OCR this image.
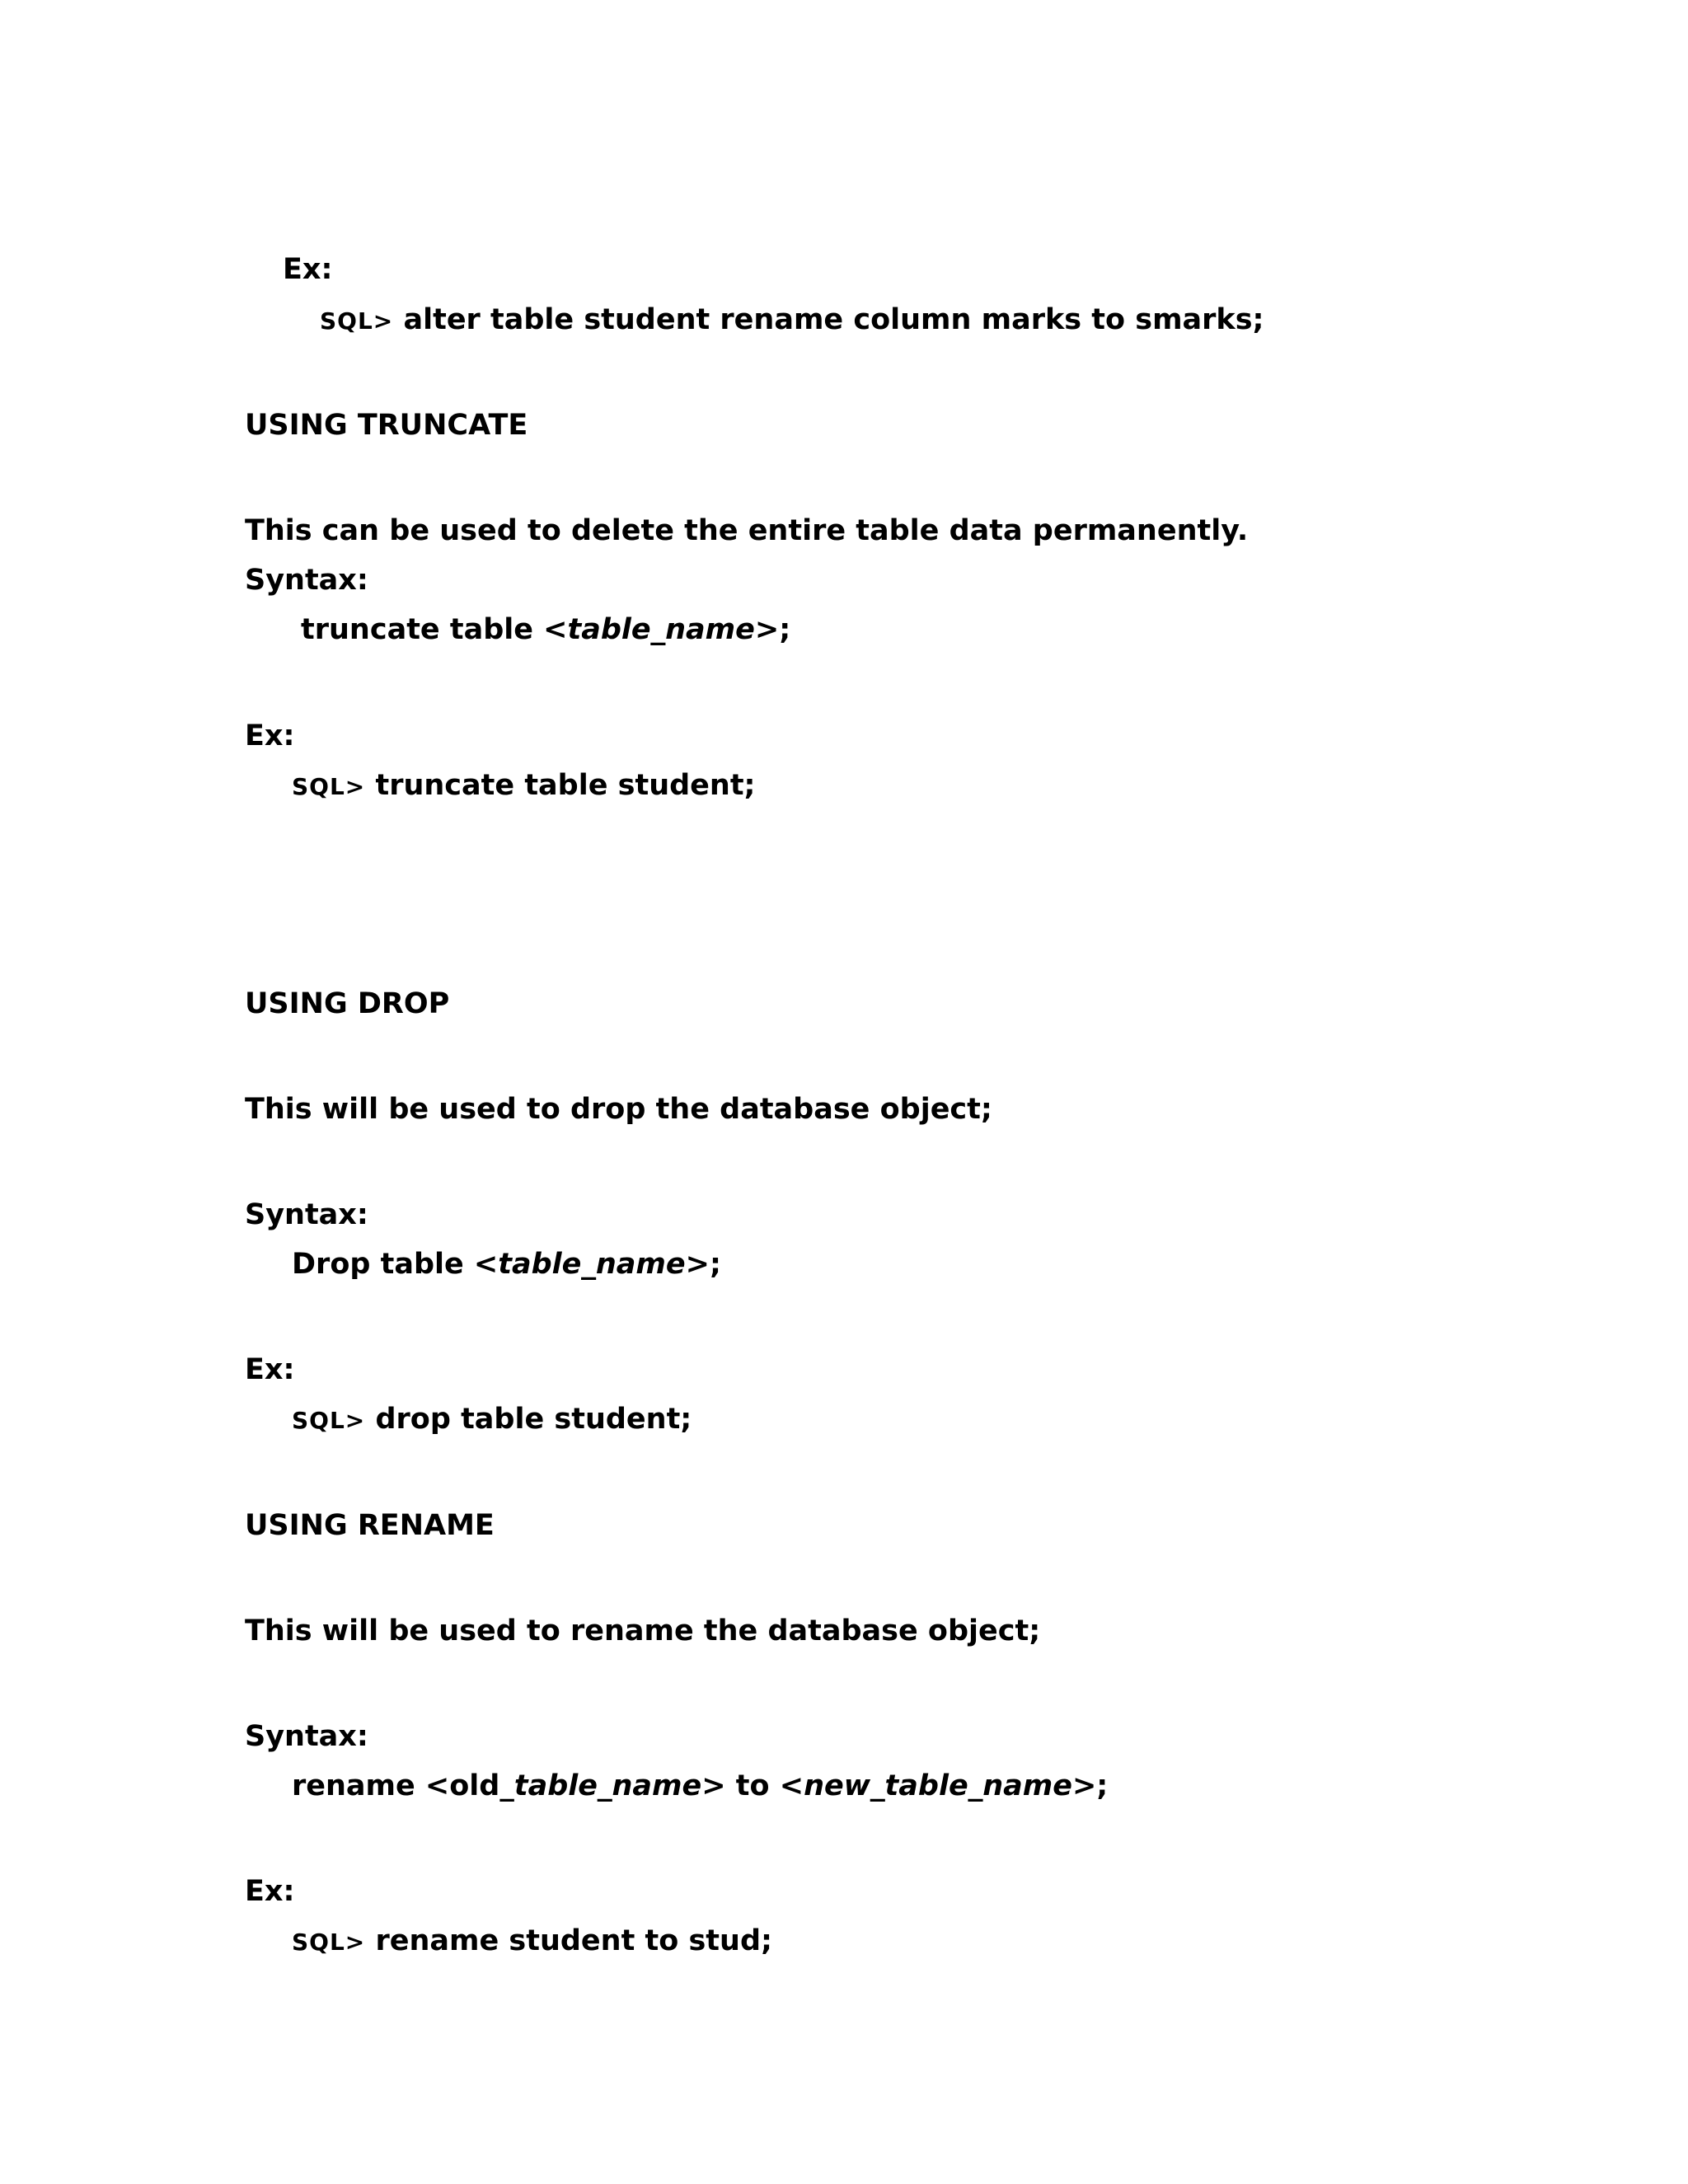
Ex:
SQL> alter table student rename column marks to smarks;
USING TRUNCATE
This can be used to delete the entire table data permanently.
Syntax:
truncate table <table_name>;
Ex:
SQL> truncate table student;
USING DROP
This will be used to drop the database object;
Syntax:
Drop table <table_name>;
Ex:
SQL> drop table student;
USING RENAME
This will be used to rename the database object;
Syntax:
rename <old_table_name> to <new_table_name>;
Ex:
SQL> rename student to stud;
